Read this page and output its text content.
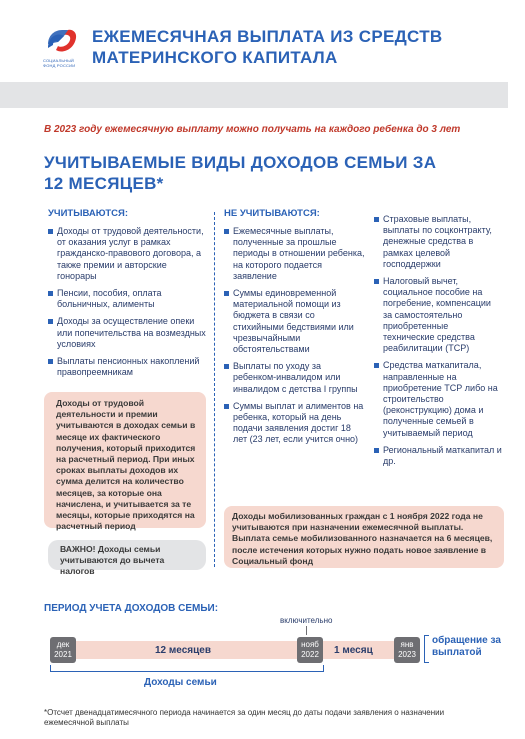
СОЦИАЛЬНЫЙ
ФОНД РОССИИ
ЕЖЕМЕСЯЧНАЯ ВЫПЛАТА ИЗ СРЕДСТВ МАТЕРИНСКОГО КАПИТАЛА
В 2023 году ежемесячную выплату можно получать на каждого ребенка до 3 лет
УЧИТЫВАЕМЫЕ ВИДЫ ДОХОДОВ СЕМЬИ ЗА 12 МЕСЯЦЕВ*
УЧИТЫВАЮТСЯ:
Доходы от трудовой деятельности, от оказания услуг в рамках гражданско-правового договора, а также премии и авторские гонорары
Пенсии, пособия, оплата больничных, алименты
Доходы за осуществление опеки или попечительства на возмездных условиях
Выплаты пенсионных накоплений правопреемникам
Доходы от трудовой деятельности и премии учитываются в доходах семьи в месяце их фактического получения, который приходится на расчетный период. При иных сроках выплаты доходов их сумма делится на количество месяцев, за которые она начислена, и учитывается за те месяцы, которые приходятся на расчетный период
ВАЖНО! Доходы семьи учитываются до вычета налогов
НЕ УЧИТЫВАЮТСЯ:
Ежемесячные выплаты, полученные за прошлые периоды в отношении ребенка, на которого подается заявление
Суммы единовременной материальной помощи из бюджета в связи со стихийными бедствиями или чрезвычайными обстоятельствами
Выплаты по уходу за ребенком-инвалидом или инвалидом с детства I группы
Суммы выплат и алиментов на ребенка, который на день подачи заявления достиг 18 лет (23 лет, если учится очно)
Страховые выплаты, выплаты по соцконтракту, денежные средства в рамках целевой господдержки
Налоговый вычет, социальное пособие на погребение, компенсации за самостоятельно приобретенные технические средства реабилитации (ТСР)
Средства маткапитала, направленные на приобретение ТСР либо на строительство (реконструкцию) дома и полученные семьей в учитываемый период
Региональный маткапитал и др.
Доходы мобилизованных граждан с 1 ноября 2022 года не учитываются при назначении ежемесячной выплаты. Выплата семье мобилизованного назначается на 6 месяцев, после истечения которых нужно подать новое заявление в Социальный фонд
ПЕРИОД УЧЕТА ДОХОДОВ СЕМЬИ:
дек
2021
нояб
2022
янв
2023
12 месяцев	1 месяц
включительно
обращение за выплатой
Доходы семьи
*Отсчет двенадцатимесячного периода начинается за один месяц до даты подачи заявления о назначении ежемесячной выплаты
